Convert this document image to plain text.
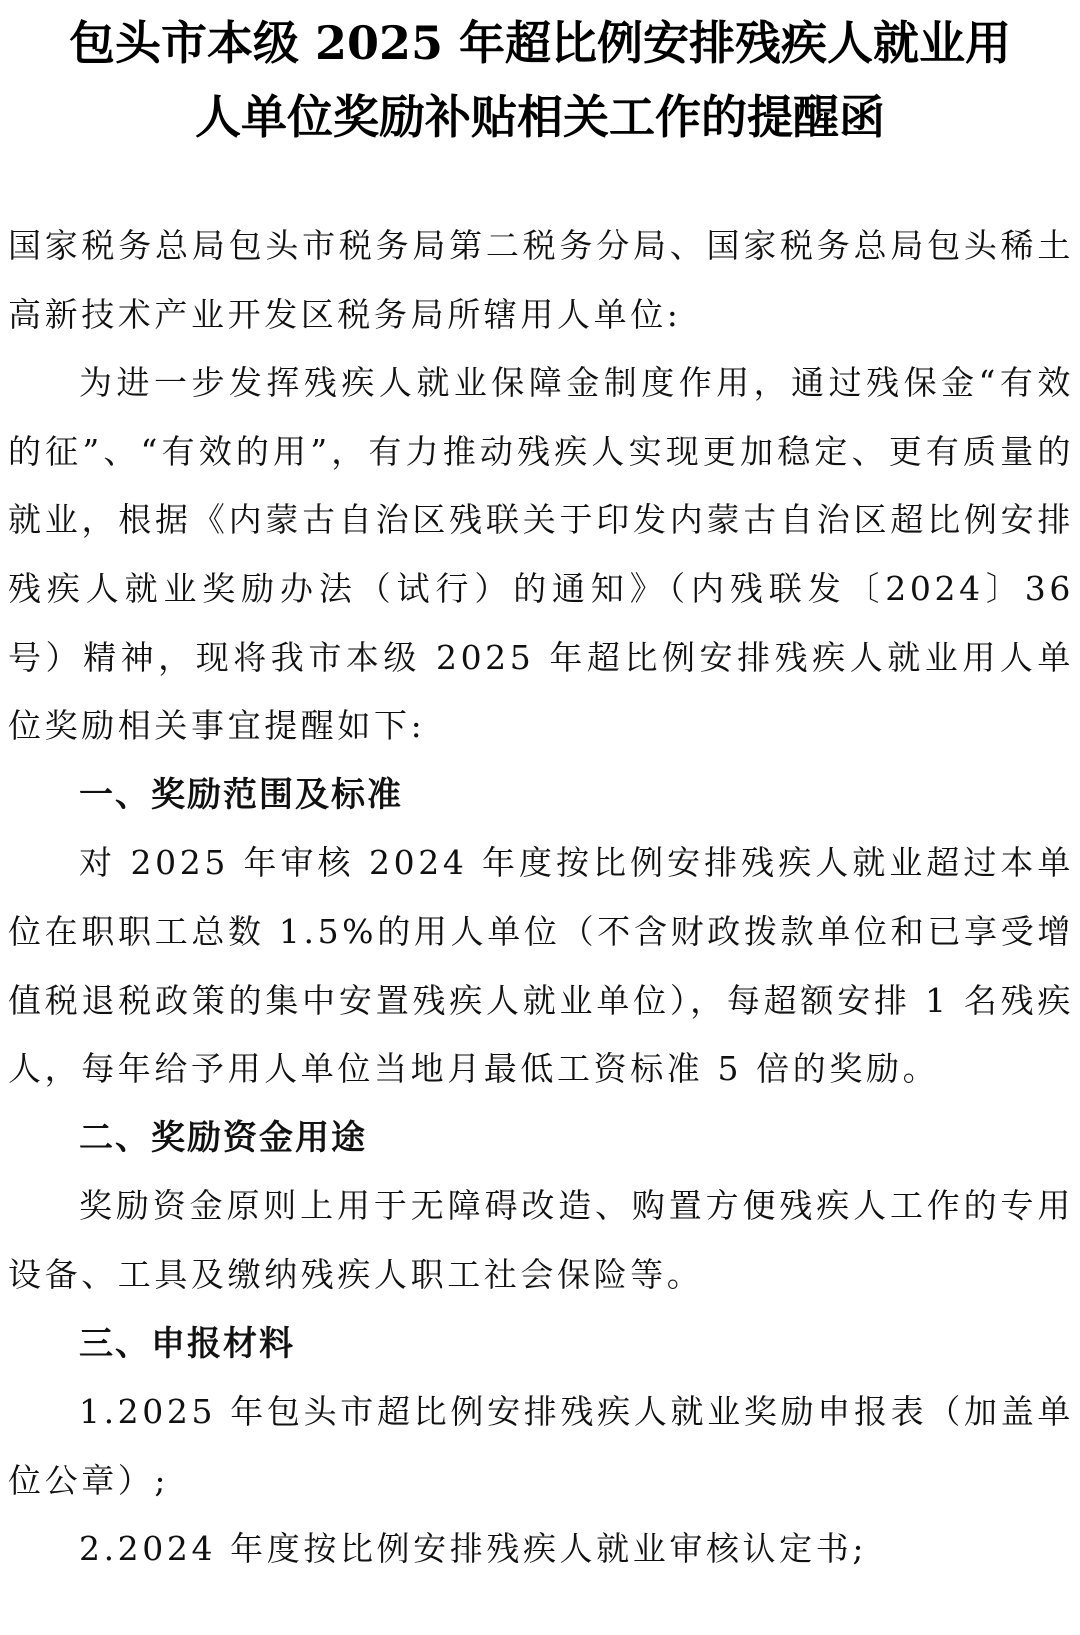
包头市本级 2025 年超比例安排残疾人就业用
人单位奖励补贴相关工作的提醒函

国家税务总局包头市税务局第二税务分局、国家税务总局包头稀土高新技术产业开发区税务局所辖用人单位:

为进一步发挥残疾人就业保障金制度作用，通过残保金“有效的征”、“有效的用”，有力推动残疾人实现更加稳定、更有质量的就业，根据《内蒙古自治区残联关于印发内蒙古自治区超比例安排残疾人就业奖励办法（试行）的通知》（内残联发〔2024〕36 号）精神，现将我市本级 2025 年超比例安排残疾人就业用人单位奖励相关事宜提醒如下:

一、奖励范围及标准

对 2025 年审核 2024 年度按比例安排残疾人就业超过本单位在职职工总数 1.5%的用人单位（不含财政拨款单位和已享受增值税退税政策的集中安置残疾人就业单位），每超额安排 1 名残疾人，每年给予用人单位当地月最低工资标准 5 倍的奖励。

二、奖励资金用途

奖励资金原则上用于无障碍改造、购置方便残疾人工作的专用设备、工具及缴纳残疾人职工社会保险等。

三、申报材料

1.2025 年包头市超比例安排残疾人就业奖励申报表（加盖单位公章）;

2.2024 年度按比例安排残疾人就业审核认定书;
